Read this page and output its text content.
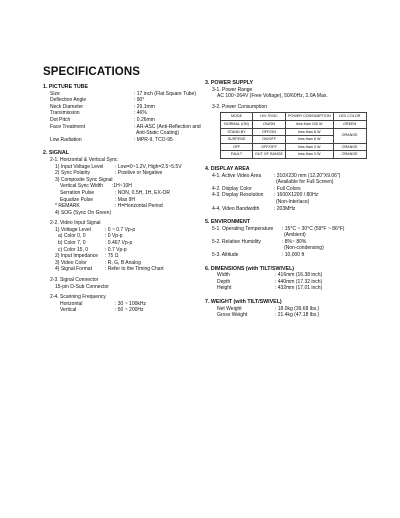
SPECIFICATIONS
1. PICTURE TUBE
Size	: 17 inch (Flat Square Tube)
Deflection Angle	: 90°
Neck Diameter	: 29.1mm
Transmission	: 46%
Dot Pitch	: 0.26mm
Face Treatment	: AR-ASC (Anti-Reflection and
Anti-Static Coating)
Low Radiation	: MPR-II, TCO-95
2. SIGNAL
2-1. Horizontal & Vertical Sync
1) Input Voltage Level	: Low=0~1.2V, High=2.5~5.5V
2) Sync Polarity	: Positive or Negative
3) Composite Sync Signal
Vertical Sync Width	:1H~10H
Serration Pulse	: NON, 0.5H, 1H, EX-OR
Equalize Pulse	: Max 9H
* REMARK	: H=Horizontal Period
4) SOG (Sync On Green)
2-2. Video Input Signal
1) Voltage Level	: 0 ~ 0.7 Vp-p
a) Color 0, 0	: 0 Vp-p
b) Color 7, 0	: 0.467 Vp-p
c) Color 15, 0	: 0.7 Vp-p
2) Input Impedance	: 75 Ω
3) Video Color	: R, G, B Analog
4) Signal Format	: Refer to the Timing Chart
2-3. Signal Connector
15-pin D-Sub Connector
2-4. Scanning Frequency
Horizontal	: 30 ~ 100kHz
Vertical	: 50 ~ 200Hz
3. POWER SUPPLY
3-1. Power Range
AC 100~264V (Free Voltage), 50/60Hz, 2.0A Max.
3-2. Power Consumption
MODE	H/V SYNC	POWER CONSUMPTION	LED COLOR
NORMAL (ON)	ON/ON	less than 100 W	GREEN
STAND-BY	OFF/ON	less than 8 W	ORANGE
SUSPEND	ON/OFF	less than 8 W	
OFF	OFF/OFF	less than 3 W	ORANGE
FAULT	OUT OF RANGE	less than 3 W	ORANGE
4. DISPLAY AREA
4-1. Active Video Area	: 310X230 mm (12.20"X9.06")
(Available for Full Screen)
4-2. Display Color	: Full Colors
4-3. Display Resolution	: 1600X1200 / 80Hz
(Non-Interlace)
4-4. Video Bandwidth	: 203MHz
5. ENVIRONMENT
5-1. Operating Temperature	: 15°C ~ 30°C (59°F ~ 86°F)
(Ambient)
5-2. Relative Humidity	: 8%~ 80%
(Non-condensing)
5-3. Altitude	: 10,000 ft
6. DIMENSIONS (with TILT/SWIVEL)
Width	: 416mm (16.38 inch)
Depth	: 440mm (17.32 inch)
Height	: 432mm (17.01 inch)
7. WEIGHT (with TILT/SWIVEL)
Net Weight	: 18.0kg (39.68 lbs.)
Gross Weight	: 21.4kg (47.18 lbs.)
